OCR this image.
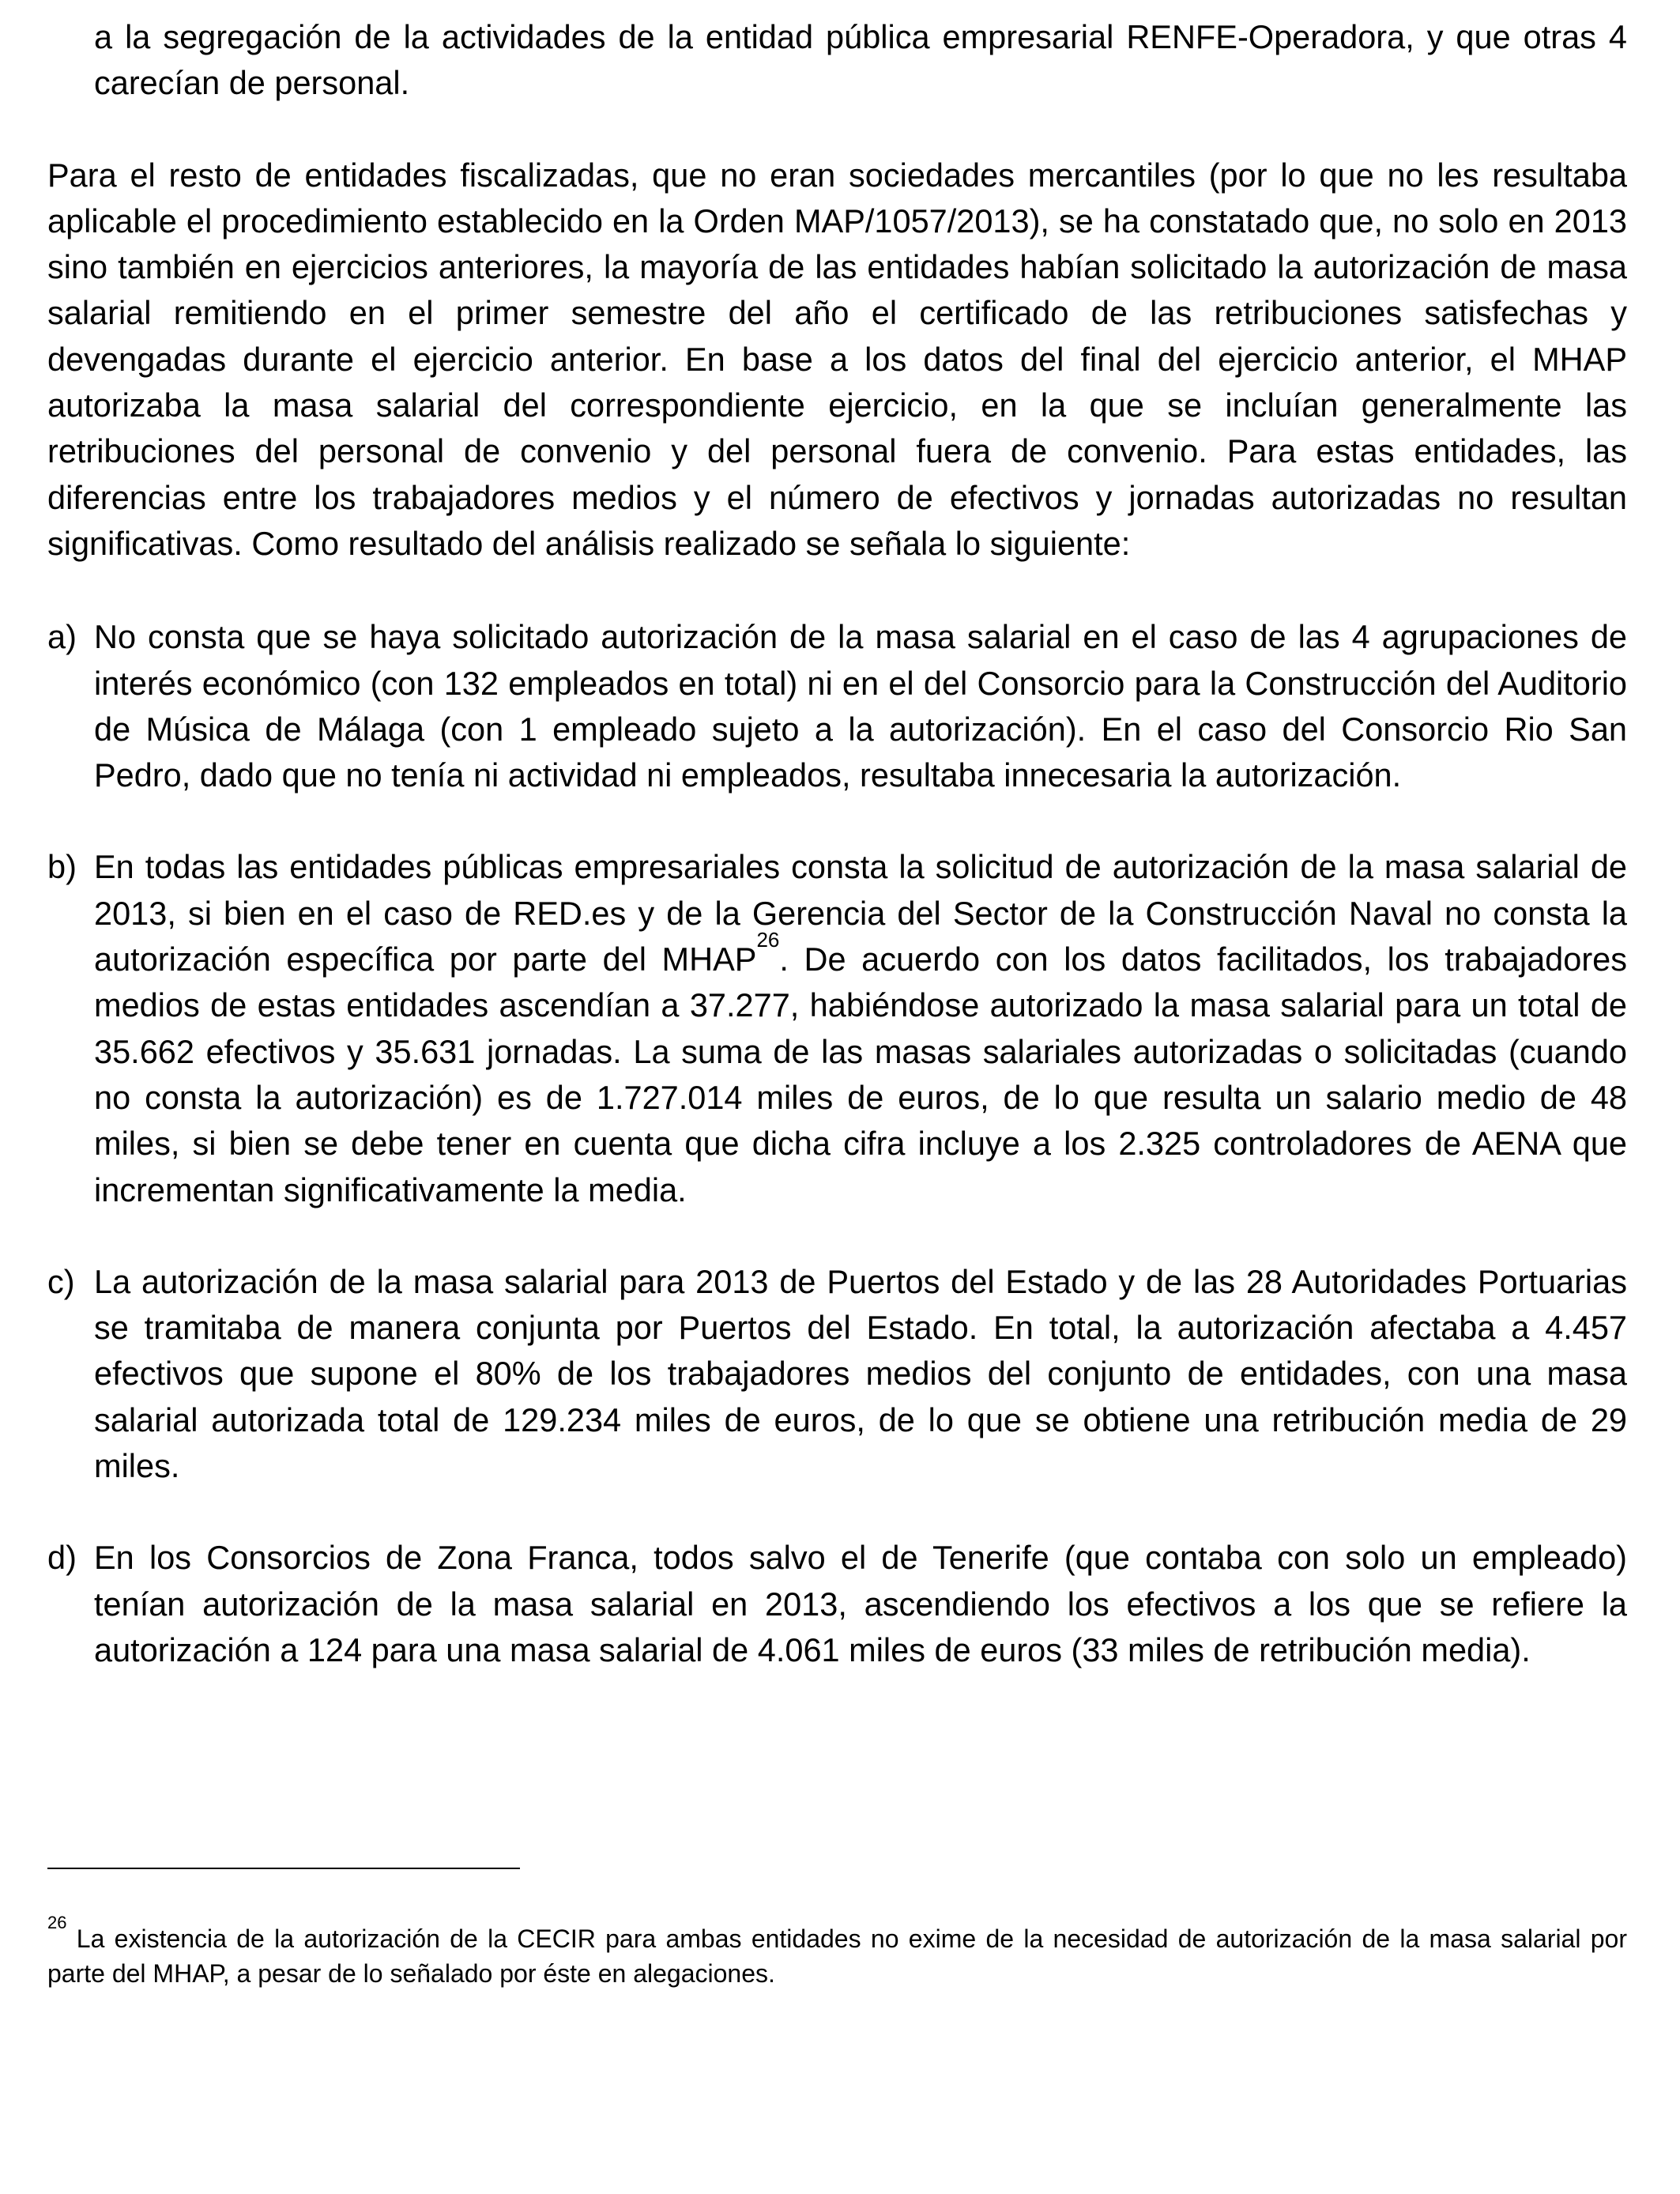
a la segregación de la actividades de la entidad pública empresarial RENFE-Operadora, y que otras 4 carecían de personal.

Para el resto de entidades fiscalizadas, que no eran sociedades mercantiles (por lo que no les resultaba aplicable el procedimiento establecido en la Orden MAP/1057/2013), se ha constatado que, no solo en 2013 sino también en ejercicios anteriores, la mayoría de las entidades habían solicitado la autorización de masa salarial remitiendo en el primer semestre del año el certificado de las retribuciones satisfechas y devengadas durante el ejercicio anterior. En base a los datos del final del ejercicio anterior, el MHAP autorizaba la masa salarial del correspondiente ejercicio, en la que se incluían generalmente las retribuciones del personal de convenio y del personal fuera de convenio. Para estas entidades, las diferencias entre los trabajadores medios y el número de efectivos y jornadas autorizadas no resultan significativas. Como resultado del análisis realizado se señala lo siguiente:

a) No consta que se haya solicitado autorización de la masa salarial en el caso de las 4 agrupaciones de interés económico (con 132 empleados en total) ni en el del Consorcio para la Construcción del Auditorio de Música de Málaga (con 1 empleado sujeto a la autorización). En el caso del Consorcio Rio San Pedro, dado que no tenía ni actividad ni empleados, resultaba innecesaria la autorización.
b) En todas las entidades públicas empresariales consta la solicitud de autorización de la masa salarial de 2013, si bien en el caso de RED.es y de la Gerencia del Sector de la Construcción Naval no consta la autorización específica por parte del MHAP$^{26}$. De acuerdo con los datos facilitados, los trabajadores medios de estas entidades ascendían a 37.277, habiéndose autorizado la masa salarial para un total de 35.662 efectivos y 35.631 jornadas. La suma de las masas salariales autorizadas o solicitadas (cuando no consta la autorización) es de 1.727.014 miles de euros, de lo que resulta un salario medio de 48 miles, si bien se debe tener en cuenta que dicha cifra incluye a los 2.325 controladores de AENA que incrementan significativamente la media.
c) La autorización de la masa salarial para 2013 de Puertos del Estado y de las 28 Autoridades Portuarias se tramitaba de manera conjunta por Puertos del Estado. En total, la autorización afectaba a 4.457 efectivos que supone el 80% de los trabajadores medios del conjunto de entidades, con una masa salarial autorizada total de 129.234 miles de euros, de lo que se obtiene una retribución media de 29 miles.
d) En los Consorcios de Zona Franca, todos salvo el de Tenerife (que contaba con solo un empleado) tenían autorización de la masa salarial en 2013, ascendiendo los efectivos a los que se refiere la autorización a 124 para una masa salarial de 4.061 miles de euros (33 miles de retribución media).

$^{26}$ La existencia de la autorización de la CECIR para ambas entidades no exime de la necesidad de autorización de la masa salarial por parte del MHAP, a pesar de lo señalado por éste en alegaciones.
